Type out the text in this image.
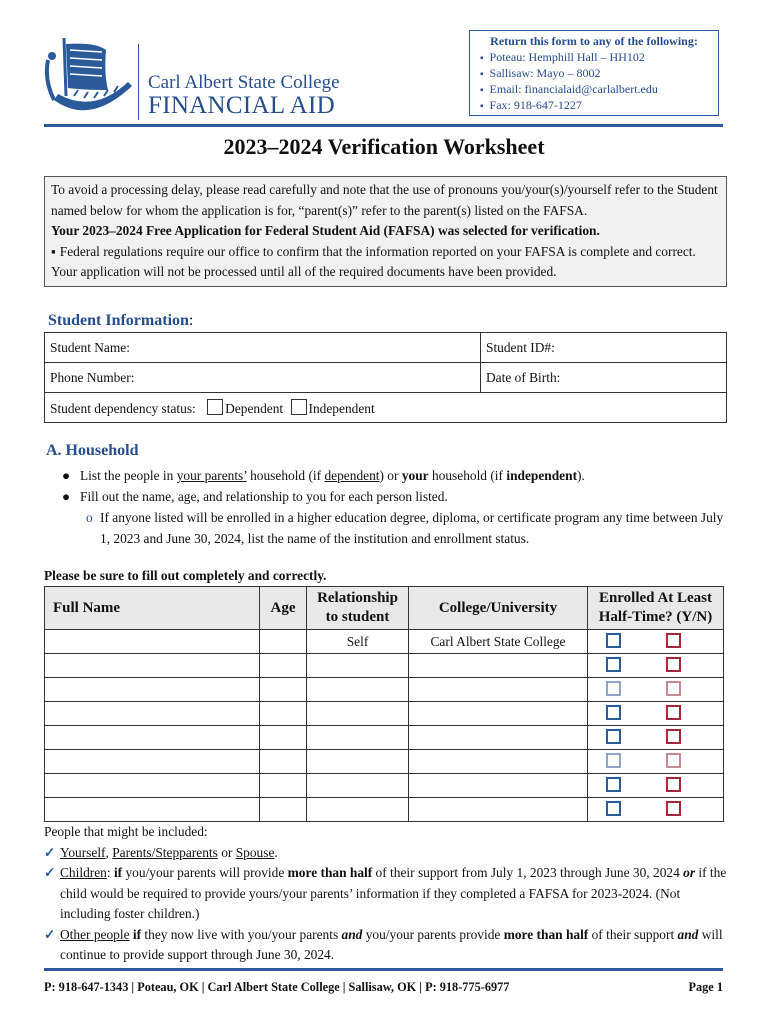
Carl Albert State College
FINANCIAL AID
Return this form to any of the following:
▪ Poteau: Hemphill Hall – HH102
▪ Sallisaw: Mayo – 8002
▪ Email: financialaid@carlalbert.edu
▪ Fax: 918-647-1227
2023–2024 Verification Worksheet

To avoid a processing delay, please read carefully and note that the use of pronouns you/your(s)/yourself refer to the Student named below for whom the application is for, “parent(s)” refer to the parent(s) listed on the FAFSA.

Your 2023–2024 Free Application for Federal Student Aid (FAFSA) was selected for verification.

▪ Federal regulations require our office to confirm that the information reported on your FAFSA is complete and correct. Your application will not be processed until all of the required documents have been provided.

Student Information:
Student Name:	Student ID#:
Phone Number:	Date of Birth:
Student dependency status: Dependent Independent	
A. Household
● List the people in your parents’ household (if dependent) or your household (if independent).
● Fill out the name, age, and relationship to you for each person listed.
o If anyone listed will be enrolled in a higher education degree, diploma, or certificate program any time between July 1, 2023 and June 30, 2024, list the name of the institution and enrollment status.
Please be sure to fill out completely and correctly.
Full Name	Age	Relationship to student	College/University	Enrolled At Least Half-Time? (Y/N)
		Self	Carl Albert State College	

People that might be included:
✓ Yourself, Parents/Stepparents or Spouse.
✓ Children: if you/your parents will provide more than half of their support from July 1, 2023 through June 30, 2024 or if the child would be required to provide yours/your parents’ information if they completed a FAFSA for 2023-2024. (Not including foster children.)
✓ Other people if they now live with you/your parents and you/your parents provide more than half of their support and will continue to provide support through June 30, 2024.
P: 918-647-1343 | Poteau, OK | Carl Albert State College | Sallisaw, OK | P: 918-775-6977	Page 1
